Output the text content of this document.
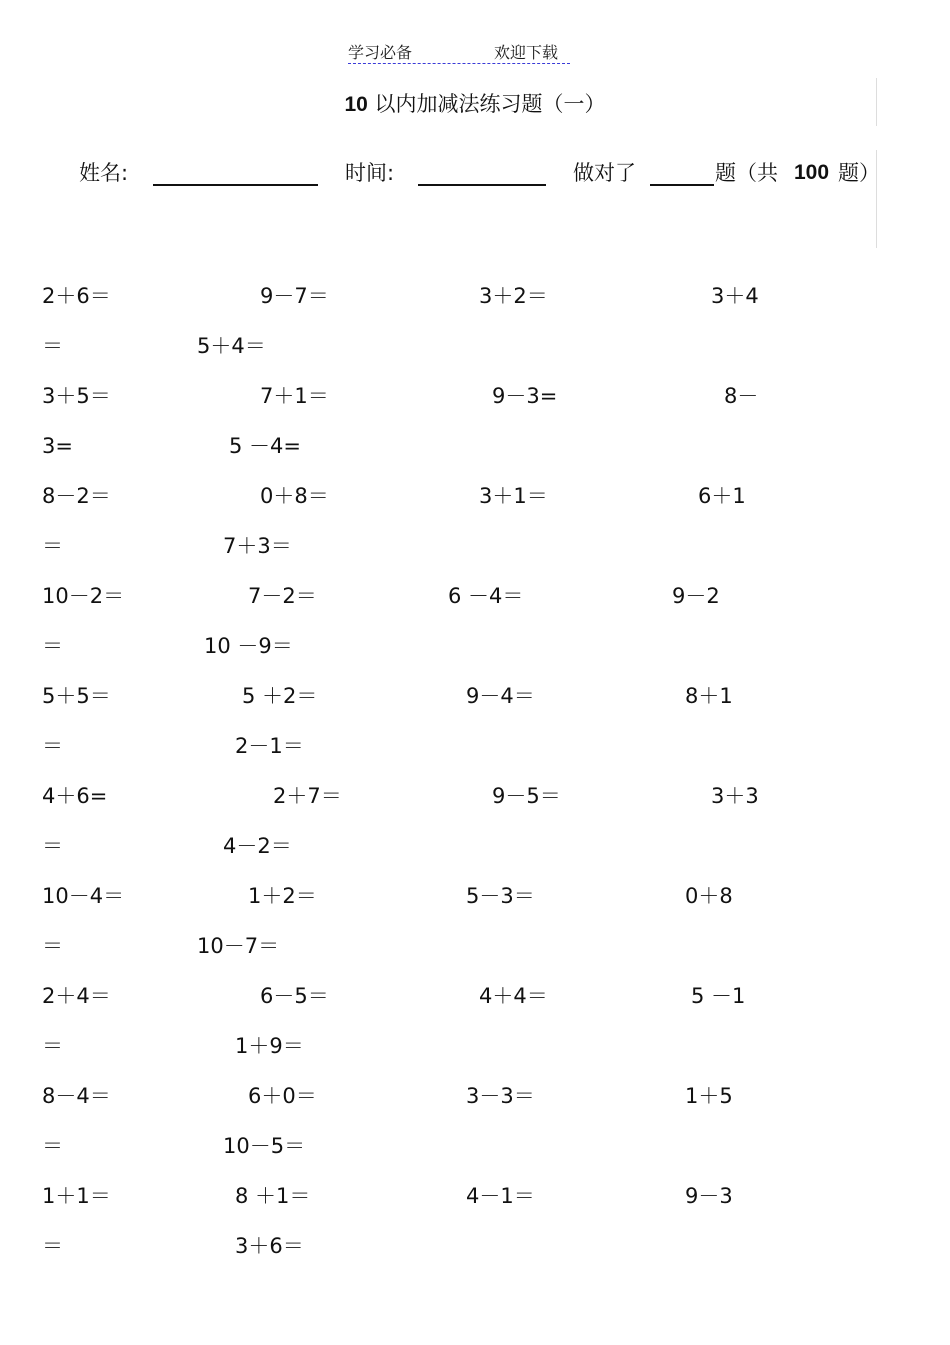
学习必备	欢迎下载
10 以内加减法练习题（一）
姓名:	时间:	做对了	题（共 100 题）
2＋6＝	9－7＝	3＋2＝	3＋4
＝	5＋4＝
3＋5＝	7＋1＝	9－3=	8－
3=	5 －4=
8－2＝	0＋8＝	3＋1＝	6＋1
＝	7＋3＝
10－2＝	7－2＝	6 －4＝	9－2
＝	10 －9＝
5＋5＝	5 ＋2＝	9－4＝	8＋1
＝	2－1＝
4＋6=	2＋7＝	9－5＝	3＋3
＝	4－2＝
10－4＝	1＋2＝	5－3＝	0＋8
＝	10－7＝
2＋4＝	6－5＝	4＋4＝	5 －1
＝	1＋9＝
8－4＝	6＋0＝	3－3＝	1＋5
＝	10－5＝
1＋1＝	8 ＋1＝	4－1＝	9－3
＝	3＋6＝
